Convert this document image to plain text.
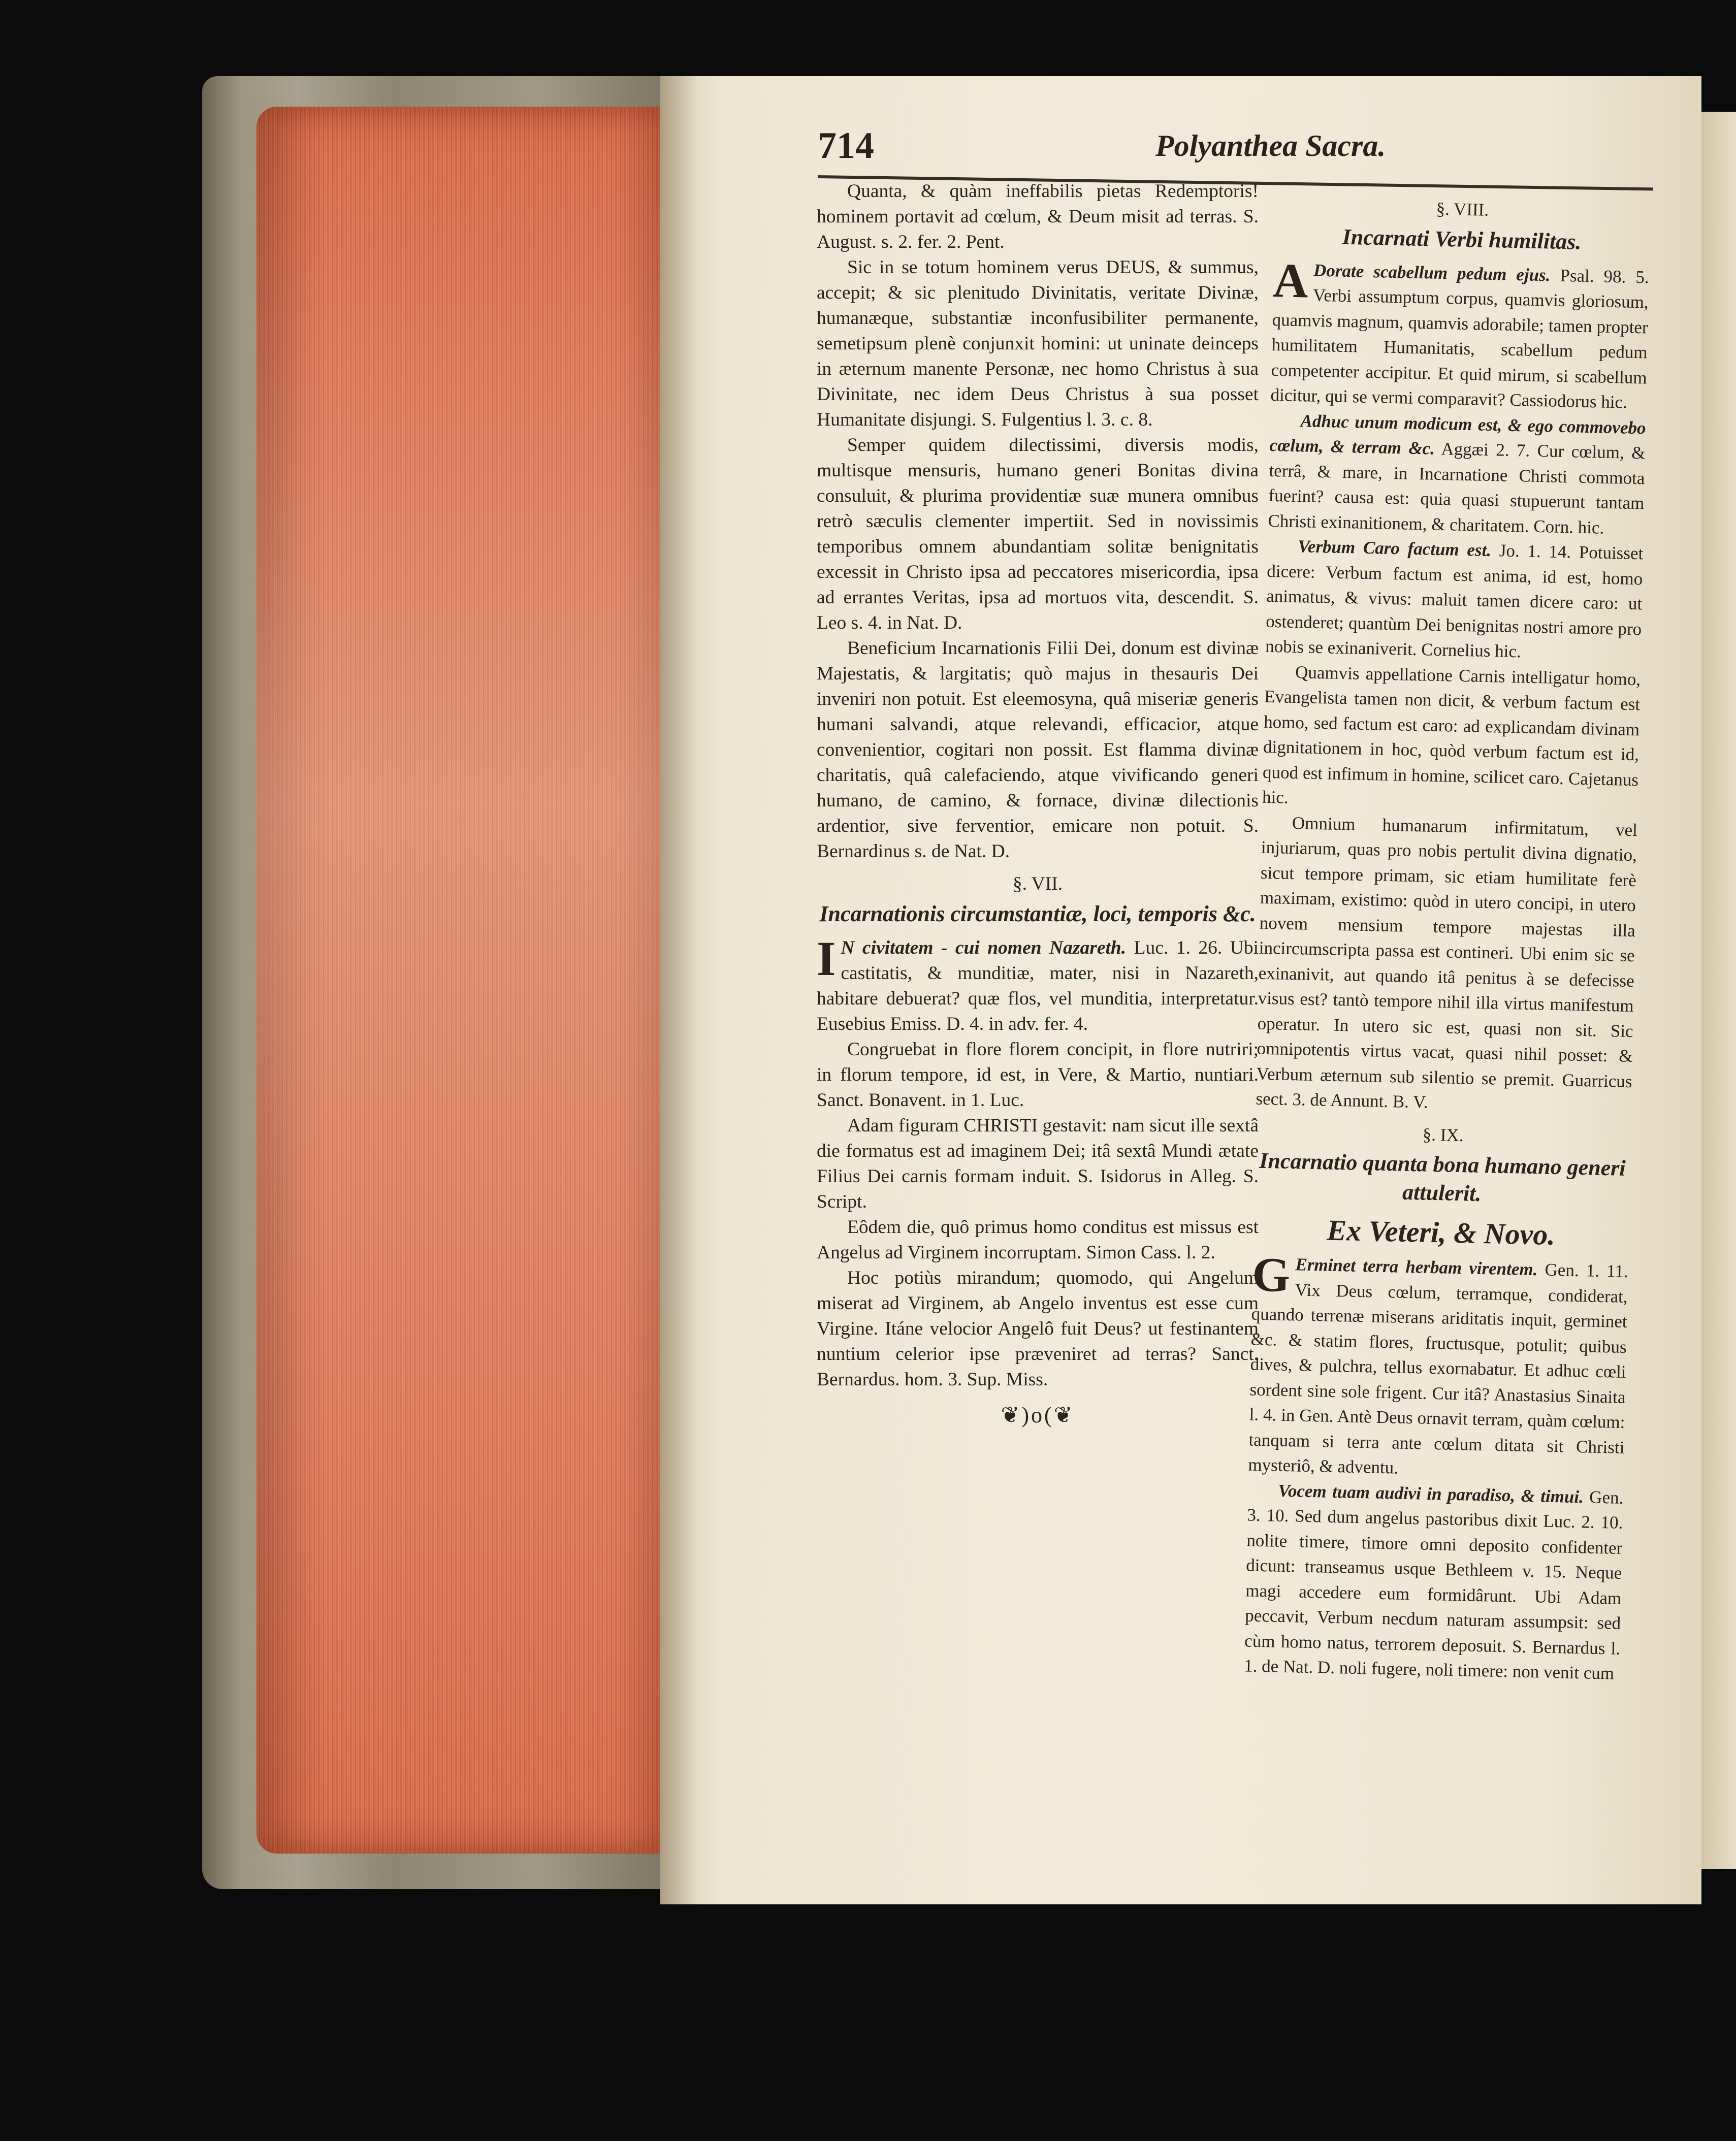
714	Polyanthea Sacra.

Quanta, & quàm ineffabilis pietas Redemptoris! hominem portavit ad cœlum, & Deum misit ad terras. S. August. s. 2. fer. 2. Pent.

Sic in se totum hominem verus DEUS, & summus, accepit; & sic plenitudo Divinitatis, veritate Divinæ, humanæque, substantiæ inconfusibiliter permanente, semetipsum plenè conjunxit homini: ut uninate deinceps in æternum manente Personæ, nec homo Christus à sua Divinitate, nec idem Deus Christus à sua posset Humanitate disjungi. S. Fulgentius l. 3. c. 8.

Semper quidem dilectissimi, diversis modis, multisque mensuris, humano generi Bonitas divina consuluit, & plurima providentiæ suæ munera omnibus retrò sæculis clementer impertiit. Sed in novissimis temporibus omnem abundantiam solitæ benignitatis excessit in Christo ipsa ad peccatores misericordia, ipsa ad errantes Veritas, ipsa ad mortuos vita, descendit. S. Leo s. 4. in Nat. D.

Beneficium Incarnationis Filii Dei, donum est divinæ Majestatis, & largitatis; quò majus in thesauris Dei inveniri non potuit. Est eleemosyna, quâ miseriæ generis humani salvandi, atque relevandi, efficacior, atque convenientior, cogitari non possit. Est flamma divinæ charitatis, quâ calefaciendo, atque vivificando generi humano, de camino, & fornace, divinæ dilectionis ardentior, sive ferventior, emicare non potuit. S. Bernardinus s. de Nat. D.

§. VII.
Incarnationis circumstantiæ, loci, temporis &c.

I N civitatem - cui nomen Nazareth. Luc. 1. 26. Ubi castitatis, & munditiæ, mater, nisi in Nazareth, habitare debuerat? quæ flos, vel munditia, interpretatur. Eusebius Emiss. D. 4. in adv. fer. 4.

Congruebat in flore florem concipit, in flore nutriri; in florum tempore, id est, in Vere, & Martio, nuntiari. Sanct. Bonavent. in 1. Luc.

Adam figuram CHRISTI gestavit: nam sicut ille sextâ die formatus est ad imaginem Dei; itâ sextâ Mundi ætate Filius Dei carnis formam induit. S. Isidorus in Alleg. S. Script.

Eôdem die, quô primus homo conditus est missus est Angelus ad Virginem incorruptam. Simon Cass. l. 2.

Hoc potiùs mirandum; quomodo, qui Angelum miserat ad Virginem, ab Angelo inventus est esse cum Virgine. Itáne velocior Angelô fuit Deus? ut festinantem nuntium celerior ipse præveniret ad terras? Sanct. Bernardus. hom. 3. Sup. Miss.

❦)o(❦
§. VIII.
Incarnati Verbi humilitas.

A Dorate scabellum pedum ejus. Psal. 98. 5. Verbi assumptum corpus, quamvis gloriosum, quamvis magnum, quamvis adorabile; tamen propter humilitatem Humanitatis, scabellum pedum competenter accipitur. Et quid mirum, si scabellum dicitur, qui se vermi comparavit? Cassiodorus hic.

Adhuc unum modicum est, & ego commovebo cœlum, & terram &c. Aggæi 2. 7. Cur cœlum, & terrâ, & mare, in Incarnatione Christi commota fuerint? causa est: quia quasi stupuerunt tantam Christi exinanitionem, & charitatem. Corn. hic.

Verbum Caro factum est. Jo. 1. 14. Potuisset dicere: Verbum factum est anima, id est, homo animatus, & vivus: maluit tamen dicere caro: ut ostenderet; quantùm Dei benignitas nostri amore pro nobis se exinaniverit. Cornelius hic.

Quamvis appellatione Carnis intelligatur homo, Evangelista tamen non dicit, & verbum factum est homo, sed factum est caro: ad explicandam divinam dignitationem in hoc, quòd verbum factum est id, quod est infimum in homine, scilicet caro. Cajetanus hic.

Omnium humanarum infirmitatum, vel injuriarum, quas pro nobis pertulit divina dignatio, sicut tempore primam, sic etiam humilitate ferè maximam, existimo: quòd in utero concipi, in utero novem mensium tempore majestas illa incircumscripta passa est contineri. Ubi enim sic se exinanivit, aut quando itâ penitus à se defecisse visus est? tantò tempore nihil illa virtus manifestum operatur. In utero sic est, quasi non sit. Sic omnipotentis virtus vacat, quasi nihil posset: & Verbum æternum sub silentio se premit. Guarricus sect. 3. de Annunt. B. V.

§. IX.
Incarnatio quanta bona humano generi attulerit.
Ex Veteri, & Novo.

G Erminet terra herbam virentem. Gen. 1. 11. Vix Deus cœlum, terramque, condiderat, quando terrenæ miserans ariditatis inquit, germinet &c. & statim flores, fructusque, potulit; quibus dives, & pulchra, tellus exornabatur. Et adhuc cœli sordent sine sole frigent. Cur itâ? Anastasius Sinaita l. 4. in Gen. Antè Deus ornavit terram, quàm cœlum: tanquam si terra ante cœlum ditata sit Christi mysteriô, & adventu.

Vocem tuam audivi in paradiso, & timui. Gen. 3. 10. Sed dum angelus pastoribus dixit Luc. 2. 10. nolite timere, timore omni deposito confidenter dicunt: transeamus usque Bethleem v. 15. Neque magi accedere eum formidârunt. Ubi Adam peccavit, Verbum necdum naturam assumpsit: sed cùm homo natus, terrorem deposuit. S. Bernardus l. 1. de Nat. D. noli fugere, noli timere: non venit cum
